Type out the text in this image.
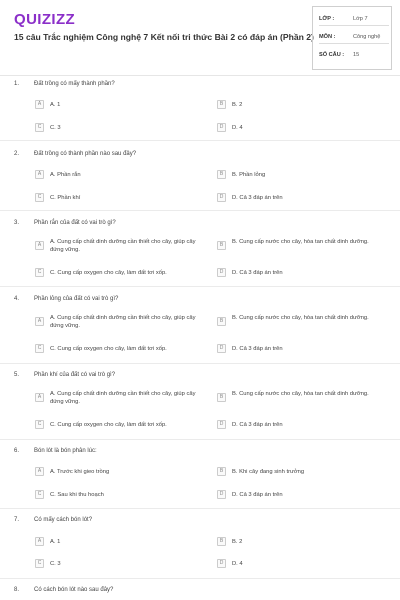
QUIZIZZ
15 câu Trắc nghiệm Công nghệ 7 Kết nối tri thức Bài 2 có đáp án (Phần 2)
LỚP :	Lớp 7
MÔN :	Công nghệ
SỐ CÂU : 15
1. Đất trồng có mấy thành phần?
A	A. 1	B	B. 2
C	C. 3	D	D. 4
2. Đất trồng có thành phần nào sau đây?
A	A. Phần rắn	B	B. Phần lỏng
C	C. Phần khí	D	D. Cả 3 đáp án trên
3. Phần rắn của đất có vai trò gì?
A	A. Cung cấp chất dinh dưỡng cần thiết cho cây, giúp cây đứng vững.
B	B. Cung cấp nước cho cây, hòa tan chất dinh dưỡng.
C	C. Cung cấp oxygen cho cây, làm đất tơi xốp.	D	D. Cả 3 đáp án trên
4. Phần lỏng của đất có vai trò gì?
A	A. Cung cấp chất dinh dưỡng cần thiết cho cây, giúp cây đứng vững.
B	B. Cung cấp nước cho cây, hòa tan chất dinh dưỡng.
C	C. Cung cấp oxygen cho cây, làm đất tơi xốp.	D	D. Cả 3 đáp án trên
5. Phần khí của đất có vai trò gì?
A	A. Cung cấp chất dinh dưỡng cần thiết cho cây, giúp cây đứng vững.
B	B. Cung cấp nước cho cây, hòa tan chất dinh dưỡng.
C	C. Cung cấp oxygen cho cây, làm đất tơi xốp.	D	D. Cả 3 đáp án trên
6. Bón lót là bón phân lúc:
A	A. Trước khi gieo trồng	B	B. Khi cây đang sinh trưởng
C	C. Sau khi thu hoạch	D	D. Cả 3 đáp án trên
7. Có mấy cách bón lót?
A	A. 1	B	B. 2
C	C. 3	D	D. 4
8. Có cách bón lót nào sau đây?
